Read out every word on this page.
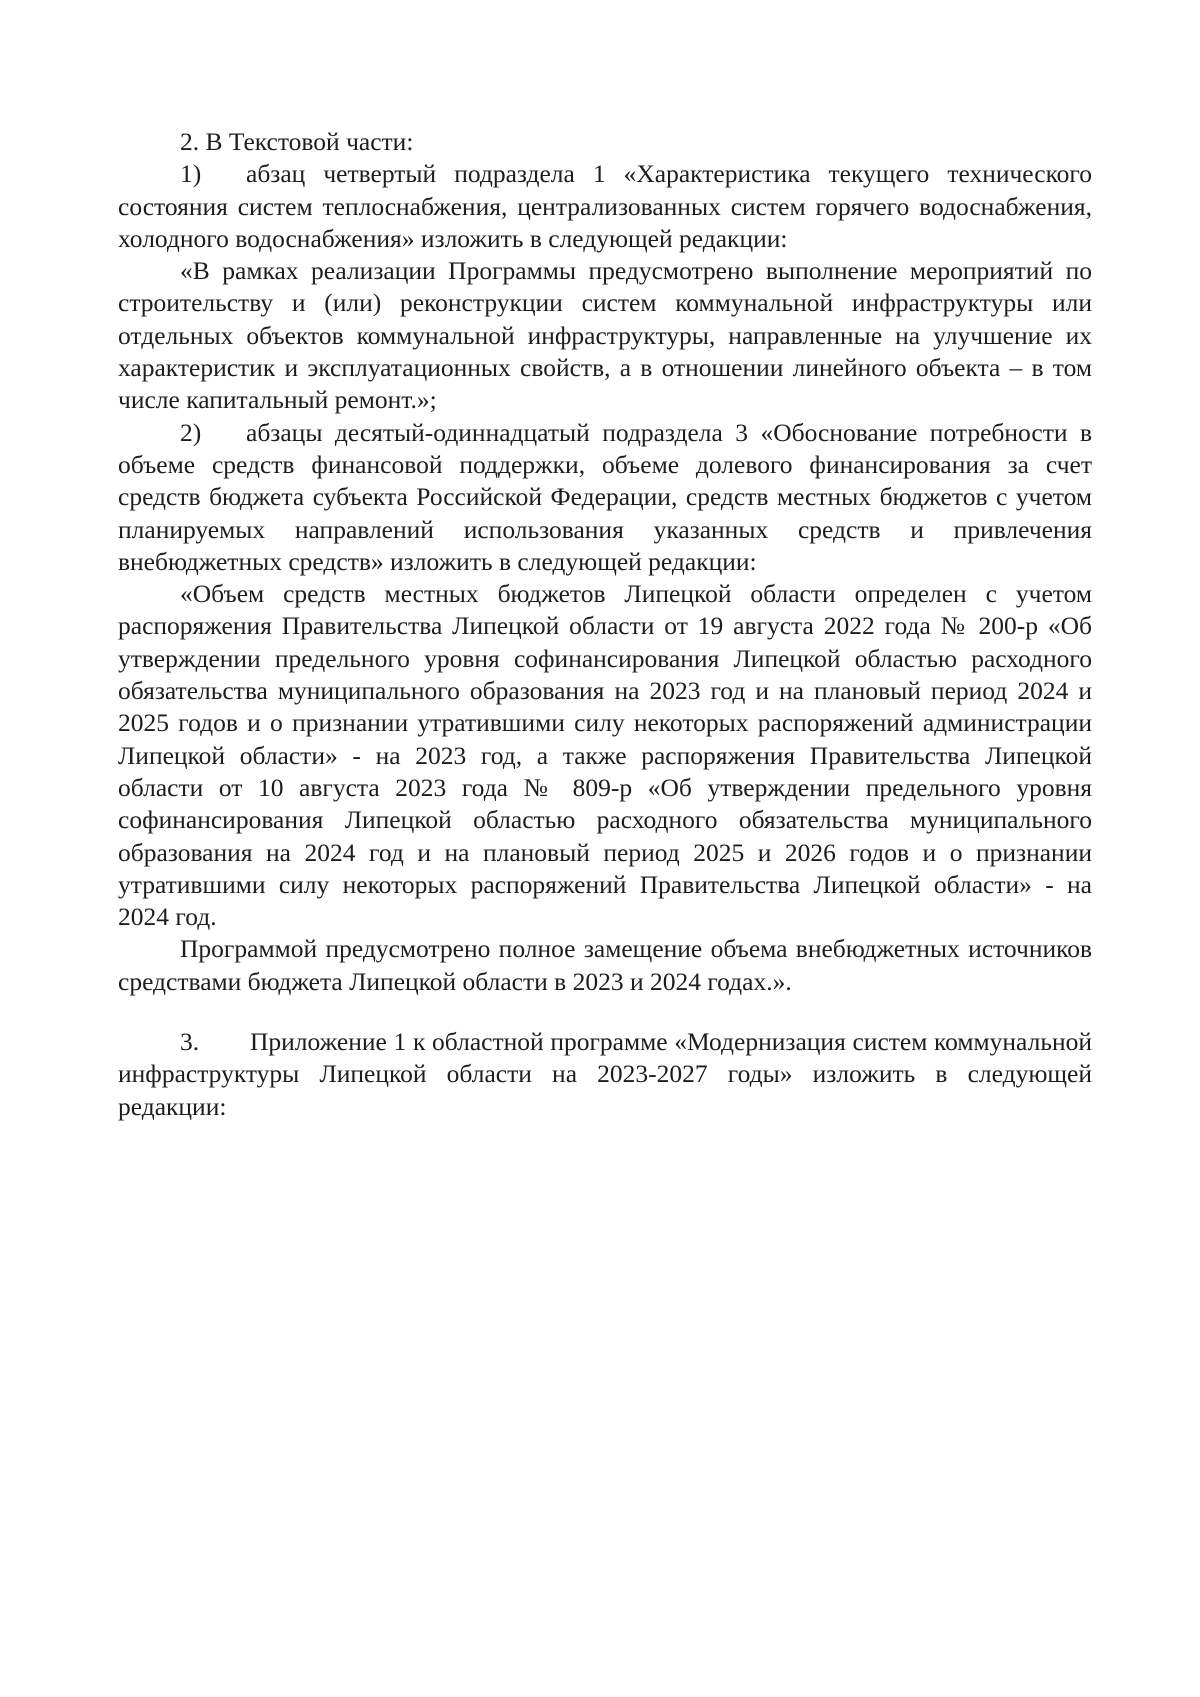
2. В Текстовой части:

1) абзац четвертый подраздела 1 «Характеристика текущего технического состояния систем теплоснабжения, централизованных систем горячего водоснабжения, холодного водоснабжения» изложить в следующей редакции:

«В рамках реализации Программы предусмотрено выполнение мероприятий по строительству и (или) реконструкции систем коммунальной инфраструктуры или отдельных объектов коммунальной инфраструктуры, направленные на улучшение их характеристик и эксплуатационных свойств, а в отношении линейного объекта – в том числе капитальный ремонт.»;

2) абзацы десятый-одиннадцатый подраздела 3 «Обоснование потребности в объеме средств финансовой поддержки, объеме долевого финансирования за счет средств бюджета субъекта Российской Федерации, средств местных бюджетов с учетом планируемых направлений использования указанных средств и привлечения внебюджетных средств» изложить в следующей редакции:

«Объем средств местных бюджетов Липецкой области определен с учетом распоряжения Правительства Липецкой области от 19 августа 2022 года № 200-р «Об утверждении предельного уровня софинансирования Липецкой областью расходного обязательства муниципального образования на 2023 год и на плановый период 2024 и 2025 годов и о признании утратившими силу некоторых распоряжений администрации Липецкой области» - на 2023 год, а также распоряжения Правительства Липецкой области от 10 августа 2023 года № 809-р «Об утверждении предельного уровня софинансирования Липецкой областью расходного обязательства муниципального образования на 2024 год и на плановый период 2025 и 2026 годов и о признании утратившими силу некоторых распоряжений Правительства Липецкой области» - на 2024 год.

Программой предусмотрено полное замещение объема внебюджетных источников средствами бюджета Липецкой области в 2023 и 2024 годах.».

3. Приложение 1 к областной программе «Модернизация систем коммунальной инфраструктуры Липецкой области на 2023-2027 годы» изложить в следующей редакции:
